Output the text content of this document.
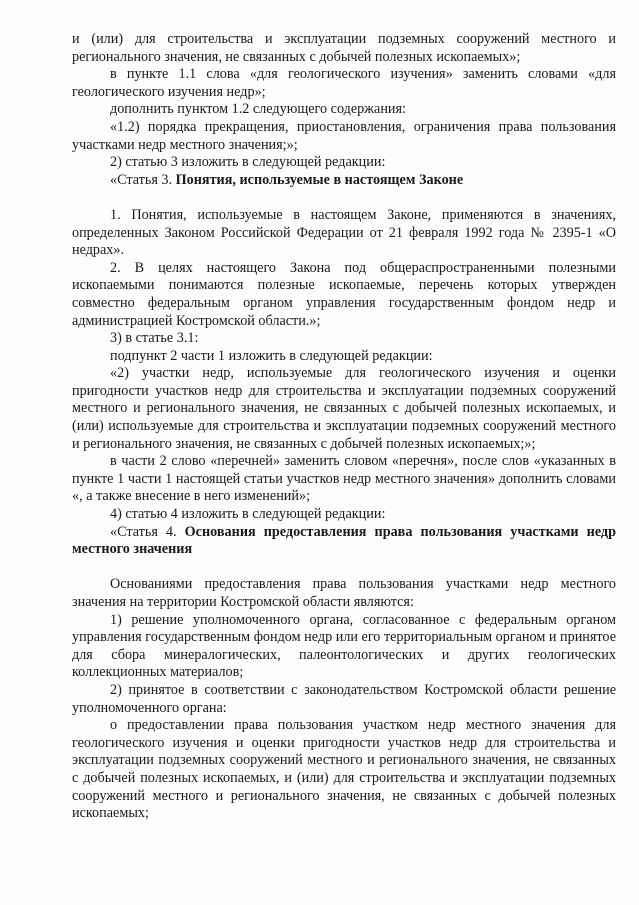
и (или) для строительства и эксплуатации подземных сооружений местного и регионального значения, не связанных с добычей полезных ископаемых»;

в пункте 1.1 слова «для геологического изучения» заменить словами «для геологического изучения недр»;

дополнить пунктом 1.2 следующего содержания:

«1.2) порядка прекращения, приостановления, ограничения права пользования участками недр местного значения;»;

2) статью 3 изложить в следующей редакции:

«Статья 3. Понятия, используемые в настоящем Законе

1. Понятия, используемые в настоящем Законе, применяются в значениях, определенных Законом Российской Федерации от 21 февраля 1992 года № 2395-1 «О недрах».

2. В целях настоящего Закона под общераспространенными полезными ископаемыми понимаются полезные ископаемые, перечень которых утвержден совместно федеральным органом управления государственным фондом недр и администрацией Костромской области.»;

3) в статье 3.1:

подпункт 2 части 1 изложить в следующей редакции:

«2) участки недр, используемые для геологического изучения и оценки пригодности участков недр для строительства и эксплуатации подземных сооружений местного и регионального значения, не связанных с добычей полезных ископаемых, и (или) используемые для строительства и эксплуатации подземных сооружений местного и регионального значения, не связанных с добычей полезных ископаемых;»;

в части 2 слово «перечней» заменить словом «перечня», после слов «указанных в пункте 1 части 1 настоящей статьи участков недр местного значения» дополнить словами «, а также внесение в него изменений»;

4) статью 4 изложить в следующей редакции:

«Статья 4. Основания предоставления права пользования участками недр местного значения

Основаниями предоставления права пользования участками недр местного значения на территории Костромской области являются:

1) решение уполномоченного органа, согласованное с федеральным органом управления государственным фондом недр или его территориальным органом и принятое для сбора минералогических, палеонтологических и других геологических коллекционных материалов;

2) принятое в соответствии с законодательством Костромской области решение уполномоченного органа:

о предоставлении права пользования участком недр местного значения для геологического изучения и оценки пригодности участков недр для строительства и эксплуатации подземных сооружений местного и регионального значения, не связанных с добычей полезных ископаемых, и (или) для строительства и эксплуатации подземных сооружений местного и регионального значения, не связанных с добычей полезных ископаемых;
